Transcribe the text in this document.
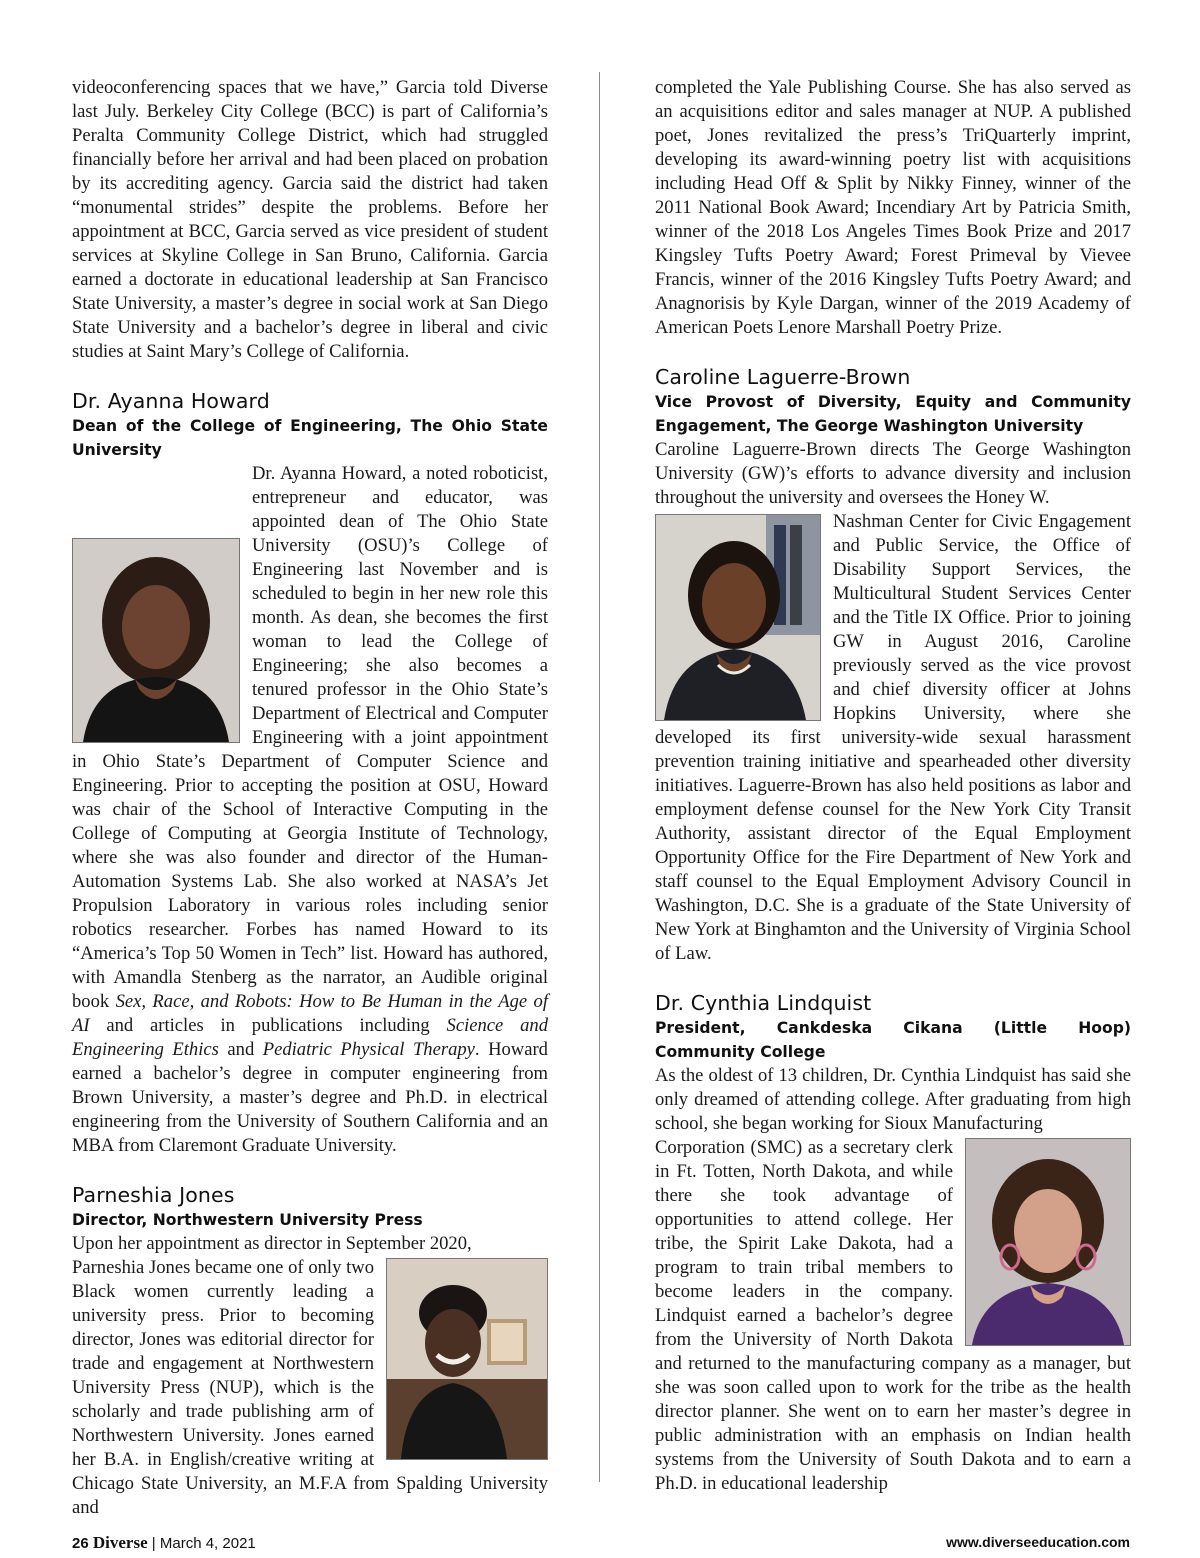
videoconferencing spaces that we have,” Garcia told Diverse last July. Berkeley City College (BCC) is part of California’s Peralta Community College District, which had struggled financially before her arrival and had been placed on probation by its accrediting agency. Garcia said the district had taken “monumental strides” despite the problems. Before her appointment at BCC, Garcia served as vice president of student services at Skyline College in San Bruno, California. Garcia earned a doctorate in educational leadership at San Francisco State University, a master’s degree in social work at San Diego State University and a bachelor’s degree in liberal and civic studies at Saint Mary’s College of California.

Dr. Ayanna Howard

Dean of the College of Engineering, The Ohio State University

Dr. Ayanna Howard, a noted roboticist, entrepreneur and educator, was appointed dean of The Ohio State University (OSU)’s College of Engineering last November and is scheduled to begin in her new role this month. As dean, she becomes the first woman to lead the College of Engineering; she also becomes a tenured professor in the Ohio State’s Department of Electrical and Computer Engineering with a joint appointment in Ohio State’s Department of Computer Science and Engineering. Prior to accepting the position at OSU, Howard was chair of the School of Interactive Computing in the College of Computing at Georgia Institute of Technology, where she was also founder and director of the Human-Automation Systems Lab. She also worked at NASA’s Jet Propulsion Laboratory in various roles including senior robotics researcher. Forbes has named Howard to its “America’s Top 50 Women in Tech” list. Howard has authored, with Amandla Stenberg as the narrator, an Audible original book Sex, Race, and Robots: How to Be Human in the Age of AI and articles in publications including Science and Engineering Ethics and Pediatric Physical Therapy. Howard earned a bachelor’s degree in computer engineering from Brown University, a master’s degree and Ph.D. in electrical engineering from the University of Southern California and an MBA from Claremont Graduate University.
Parneshia Jones

Director, Northwestern University Press

Upon her appointment as director in September 2020,

Parneshia Jones became one of only two Black women currently leading a university press. Prior to becoming director, Jones was editorial director for trade and engagement at Northwestern University Press (NUP), which is the scholarly and trade publishing arm of Northwestern University. Jones earned her B.A. in English/creative writing at Chicago State University, an M.F.A from Spalding University and

completed the Yale Publishing Course. She has also served as an acquisitions editor and sales manager at NUP. A published poet, Jones revitalized the press’s TriQuarterly imprint, developing its award-winning poetry list with acquisitions including Head Off & Split by Nikky Finney, winner of the 2011 National Book Award; Incendiary Art by Patricia Smith, winner of the 2018 Los Angeles Times Book Prize and 2017 Kingsley Tufts Poetry Award; Forest Primeval by Vievee Francis, winner of the 2016 Kingsley Tufts Poetry Award; and Anagnorisis by Kyle Dargan, winner of the 2019 Academy of American Poets Lenore Marshall Poetry Prize.

Caroline Laguerre-Brown

Vice Provost of Diversity, Equity and Community Engagement, The George Washington University

Caroline Laguerre-Brown directs The George Washington University (GW)’s efforts to advance diversity and inclusion throughout the university and oversees the Honey W.

Nashman Center for Civic Engagement and Public Service, the Office of Disability Support Services, the Multicultural Student Services Center and the Title IX Office. Prior to joining GW in August 2016, Caroline previously served as the vice provost and chief diversity officer at Johns Hopkins University, where she developed its first university-wide sexual harassment prevention training initiative and spearheaded other diversity initiatives. Laguerre-Brown has also held positions as labor and employment defense counsel for the New York City Transit Authority, assistant director of the Equal Employment Opportunity Office for the Fire Department of New York and staff counsel to the Equal Employment Advisory Council in Washington, D.C. She is a graduate of the State University of New York at Binghamton and the University of Virginia School of Law.
Dr. Cynthia Lindquist

President, Cankdeska Cikana (Little Hoop) Community College

As the oldest of 13 children, Dr. Cynthia Lindquist has said she only dreamed of attending college. After graduating from high school, she began working for Sioux Manufacturing

Corporation (SMC) as a secretary clerk in Ft. Totten, North Dakota, and while there she took advantage of opportunities to attend college. Her tribe, the Spirit Lake Dakota, had a program to train tribal members to become leaders in the company. Lindquist earned a bachelor’s degree from the University of North Dakota and returned to the manufacturing company as a manager, but she was soon called upon to work for the tribe as the health director planner. She went on to earn her master’s degree in public administration with an emphasis on Indian health systems from the University of South Dakota and to earn a Ph.D. in educational leadership
26 Diverse | March 4, 2021	www.diverseeducation.com
